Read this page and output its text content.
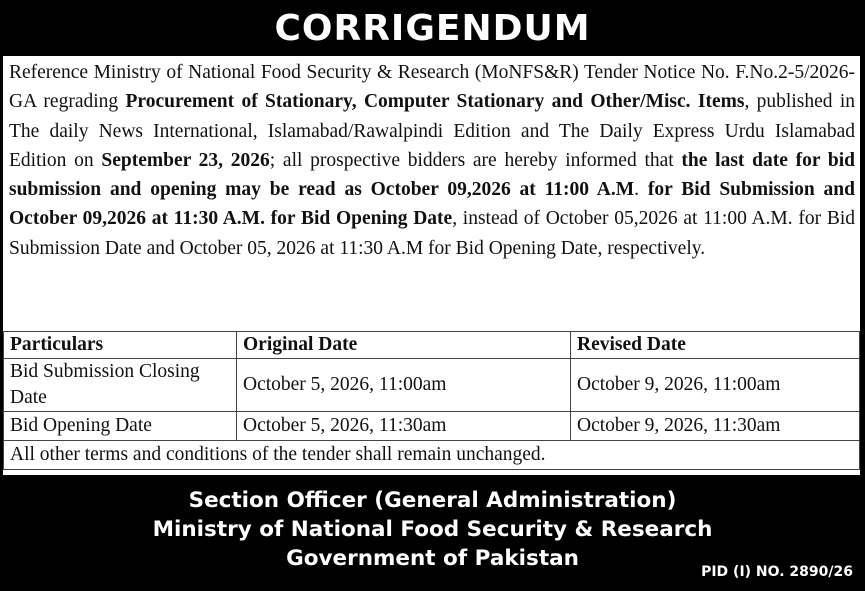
CORRIGENDUM
Reference Ministry of National Food Security & Research (MoNFS&R) Tender Notice No. F.No.2-5/2026-GA regrading Procurement of Stationary, Computer Stationary and Other/Misc. Items, published in The daily News International, Islamabad/Rawalpindi Edition and The Daily Express Urdu Islamabad Edition on September 23, 2026; all prospective bidders are hereby informed that the last date for bid submission and opening may be read as October 09,2026 at 11:00 A.M. for Bid Submission and October 09,2026 at 11:30 A.M. for Bid Opening Date, instead of October 05,2026 at 11:00 A.M. for Bid Submission Date and October 05, 2026 at 11:30 A.M for Bid Opening Date, respectively.
Particulars	Original Date	Revised Date
Bid Submission Closing Date	October 5, 2026, 11:00am	October 9, 2026, 11:00am
Bid Opening Date	October 5, 2026, 11:30am	October 9, 2026, 11:30am
All other terms and conditions of the tender shall remain unchanged.		
Section Officer (General Administration)
Ministry of National Food Security & Research
Government of Pakistan
PID (I) NO. 2890/26
